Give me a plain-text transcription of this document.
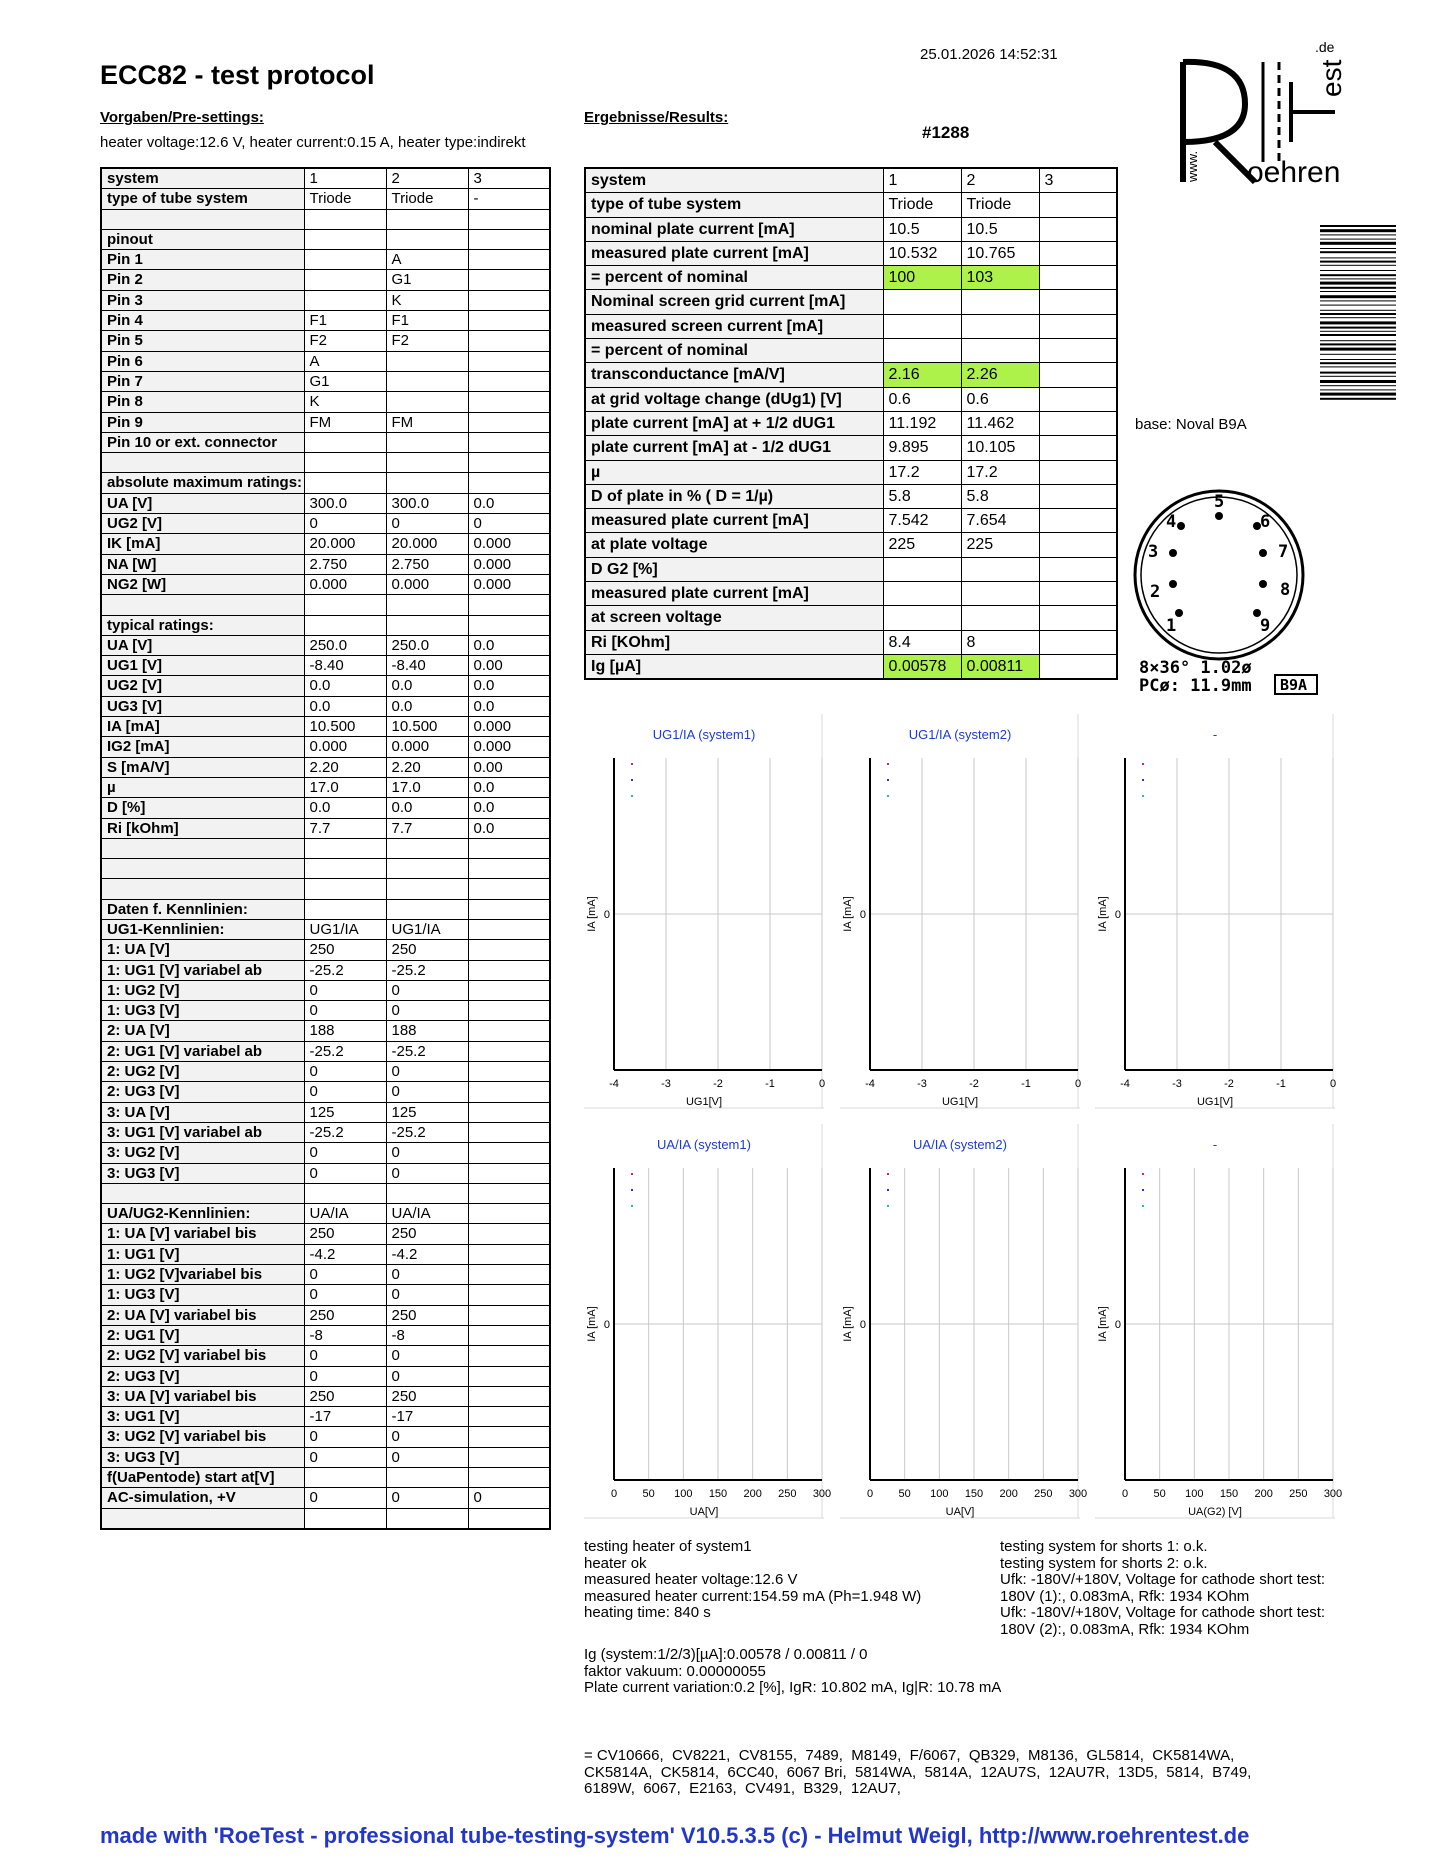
ECC82 - test protocol
25.01.2026 14:52:31
Vorgaben/Pre-settings:
heater voltage:12.6 V, heater current:0.15 A, heater type:indirekt
Ergebnisse/Results:
#1288
system	1	2	3
type of tube system	Triode	Triode	-

pinout			
Pin 1		A	
Pin 2		G1	
Pin 3		K	
Pin 4	F1	F1	
Pin 5	F2	F2	
Pin 6	A		
Pin 7	G1		
Pin 8	K		
Pin 9	FM	FM	
Pin 10 or ext. connector			

absolute maximum ratings:			
UA [V]	300.0	300.0	0.0
UG2 [V]	0	0	0
IK [mA]	20.000	20.000	0.000
NA [W]	2.750	2.750	0.000
NG2 [W]	0.000	0.000	0.000

typical ratings:			
UA [V]	250.0	250.0	0.0
UG1 [V]	-8.40	-8.40	0.00
UG2 [V]	0.0	0.0	0.0
UG3 [V]	0.0	0.0	0.0
IA [mA]	10.500	10.500	0.000
IG2 [mA]	0.000	0.000	0.000
S [mA/V]	2.20	2.20	0.00
µ	17.0	17.0	0.0
D [%]	0.0	0.0	0.0
Ri [kOhm]	7.7	7.7	0.0

Daten f. Kennlinien:			
UG1-Kennlinien:	UG1/IA	UG1/IA	
1: UA [V]	250	250	
1: UG1 [V] variabel ab	-25.2	-25.2	
1: UG2 [V]	0	0	
1: UG3 [V]	0	0	
2: UA [V]	188	188	
2: UG1 [V] variabel ab	-25.2	-25.2	
2: UG2 [V]	0	0	
2: UG3 [V]	0	0	
3: UA [V]	125	125	
3: UG1 [V] variabel ab	-25.2	-25.2	
3: UG2 [V]	0	0	
3: UG3 [V]	0	0	

UA/UG2-Kennlinien:	UA/IA	UA/IA	
1: UA [V] variabel bis	250	250	
1: UG1 [V]	-4.2	-4.2	
1: UG2 [V]variabel bis	0	0	
1: UG3 [V]	0	0	
2: UA [V] variabel bis	250	250	
2: UG1 [V]	-8	-8	
2: UG2 [V] variabel bis	0	0	
2: UG3 [V]	0	0	
3: UA [V] variabel bis	250	250	
3: UG1 [V]	-17	-17	
3: UG2 [V] variabel bis	0	0	
3: UG3 [V]	0	0	
f(UaPentode) start at[V]			
AC-simulation, +V	0	0	0

system	1	2	3
type of tube system	Triode	Triode	
nominal plate current [mA]	10.5	10.5	
measured plate current [mA]	10.532	10.765	
= percent of nominal	100	103	
Nominal screen grid current [mA]			
measured screen current [mA]			
= percent of nominal			
transconductance [mA/V]	2.16	2.26	
at grid voltage change (dUg1) [V]	0.6	0.6	
plate current [mA] at + 1/2 dUG1	11.192	11.462	
plate current [mA] at - 1/2 dUG1	9.895	10.105	
µ	17.2	17.2	
D of plate in % ( D = 1/µ)	5.8	5.8	
measured plate current [mA]	7.542	7.654	
at plate voltage	225	225	
D G2 [%]			
measured plate current [mA]			
at screen voltage			
Ri [KOhm]	8.4	8	
Ig [µA]	0.00578	0.00811	
.de
est
www. oehren
base: Noval B9A
8×36° 1.02ø
PCø: 11.9mm B9A
1
2
3
4
5
6
7
8
9
UG1/IA (system1)
-4	-3	-2	-1	0
0
UG1[V]
IA [mA]
UG1/IA (system2)
-4	-3	-2	-1	0
0
UG1[V]
IA [mA]
-
-4	-3	-2	-1	0
0
UG1[V]
IA [mA]
UA/IA (system1)
0 50 100 150 200 250 300
0
UA[V]
IA [mA]
UA/IA (system2)
0 50 100 150 200 250 300
0
UA[V]
IA [mA]
-
0 50 100 150 200 250 300
0
UA(G2) [V]
IA [mA]
testing heater of system1
heater ok
measured heater voltage:12.6 V
measured heater current:154.59 mA (Ph=1.948 W)
heating time: 840 s
testing system for shorts 1: o.k.
testing system for shorts 2: o.k.
Ufk: -180V/+180V, Voltage for cathode short test:
180V (1):, 0.083mA, Rfk: 1934 KOhm
Ufk: -180V/+180V, Voltage for cathode short test:
180V (2):, 0.083mA, Rfk: 1934 KOhm
Ig (system:1/2/3)[µA]:0.00578 / 0.00811 / 0
faktor vakuum: 0.00000055
Plate current variation:0.2 [%], IgR: 10.802 mA, Ig|R: 10.78 mA
= CV10666,  CV8221,  CV8155,  7489,  M8149,  F/6067,  QB329,  M8136,  GL5814,  CK5814WA,
CK5814A,  CK5814,  6CC40,  6067 Bri,  5814WA,  5814A,  12AU7S,  12AU7R,  13D5,  5814,  B749,
6189W,  6067,  E2163,  CV491,  B329,  12AU7,
made with 'RoeTest - professional tube-testing-system' V10.5.3.5 (c) - Helmut Weigl, http://www.roehrentest.de
